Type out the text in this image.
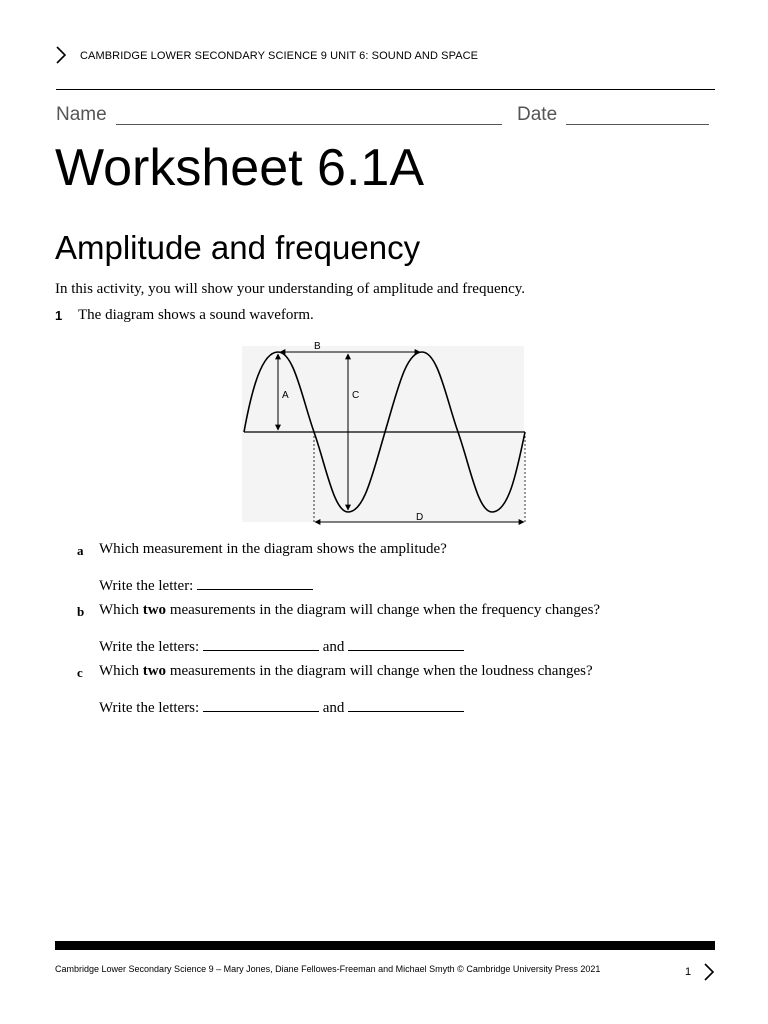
CAMBRIDGE LOWER SECONDARY SCIENCE 9 UNIT 6: SOUND AND SPACE
Name	Date
Worksheet 6.1A
Amplitude and frequency
In this activity, you will show your understanding of amplitude and frequency.
1 The diagram shows a sound waveform.
A
B
C
D
a Which measurement in the diagram shows the amplitude?
Write the letter:
b Which two measurements in the diagram will change when the frequency changes?
Write the letters:	and
c Which two measurements in the diagram will change when the loudness changes?
Write the letters:	and
Cambridge Lower Secondary Science 9 – Mary Jones, Diane Fellowes-Freeman and Michael Smyth © Cambridge University Press 2021	1
